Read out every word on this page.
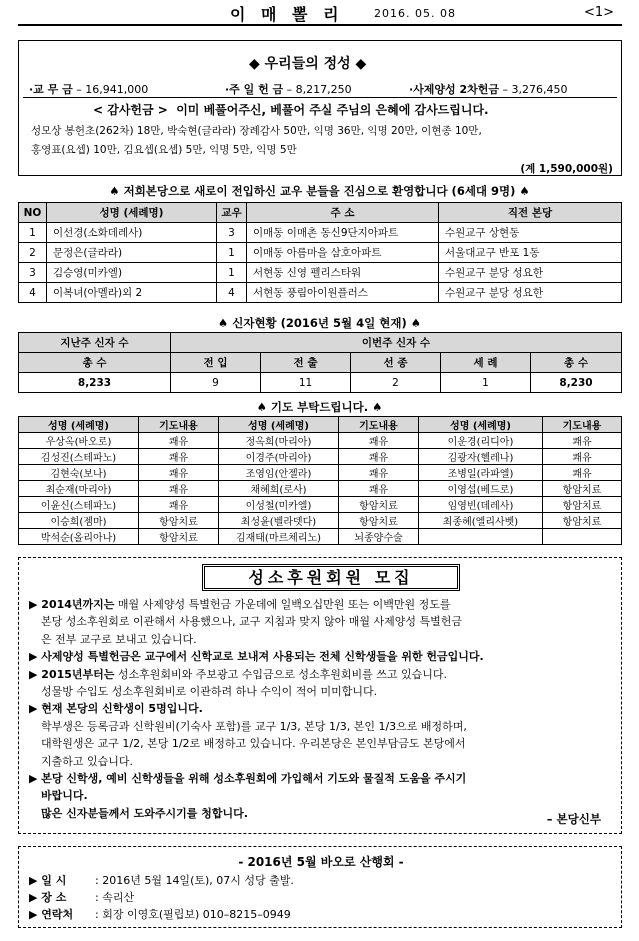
이 매 뽈 리	2016. 05. 08	<1>
◆ 우리들의 정성 ◆
·교 무 금 – 16,941,000	·주 일 헌 금 – 8,217,250	·사제양성 2차헌금 – 3,276,450
< 감사헌금 > 이미 베풀어주신, 베풀어 주실 주님의 은혜에 감사드립니다.
성모상 봉헌초(262차) 18만, 박숙현(글라라) 장례감사 50만, 익명 36만, 익명 20만, 이현종 10만,
홍영표(요셉) 10만, 김요셉(요셉) 5만, 익명 5만, 익명 5만
(계 1,590,000원)
♠ 저희본당으로 새로이 전입하신 교우 분들을 진심으로 환영합니다 (6세대 9명) ♠
NO	성명 (세례명)	교우	주 소	직전 본당
1	이선경(소화데레사)	3	이매동 이매촌 동신9단지아파트	수원교구 상현동
2	문정은(글라라)	1	이매동 아름마을 삼호아파트	서울대교구 반포 1동
3	김승영(미카엘)	1	서현동 신영 펠리스타워	수원교구 분당 성요한
4	이복녀(아멜라)외 2	4	서현동 풍림아이원플러스	수원교구 분당 성요한
♠ 신자현황 (2016년 5월 4일 현재) ♠
지난주 신자 수	이번주 신자 수				
총 수	전 입	전 출	선 종	세 례	총 수
8,233	9	11	2	1	8,230
♠ 기도 부탁드립니다. ♠
성명 (세례명)	기도내용	성명 (세례명)	기도내용	성명 (세례명)	기도내용
우상옥(바오로)	쾌유	정옥희(마리아)	쾌유	이운경(리디아)	쾌유
김성진(스테파노)	쾌유	이경주(마리아)	쾌유	김광자(헬레나)	쾌유
김현숙(보나)	쾌유	조영임(안젤라)	쾌유	조병일(라파엘)	쾌유
최순재(마리아)	쾌유	채혜희(로사)	쾌유	이영섭(베드로)	항암치료
이윤신(스테파노)	쾌유	이성철(미카엘)	항암치료	임영빈(데레사)	항암치료
이승희(젬마)	항암치료	최성윤(벨라뎃다)	항암치료	최종혜(엘리사벳)	항암치료
박석순(올리아나)	항암치료	김재태(마르체리노)	뇌종양수술		
성소후원회원 모집
▶ 2014년까지는 매월 사제양성 특별헌금 가운데에 일백오십만원 또는 이백만원 정도를
본당 성소후원회로 이관해서 사용했으나, 교구 지침과 맞지 않아 매월 사제양성 특별헌금
은 전부 교구로 보내고 있습니다.
▶ 사제양성 특별헌금은 교구에서 신학교로 보내져 사용되는 전체 신학생들을 위한 헌금입니다.
▶ 2015년부터는 성소후원회비와 주보광고 수입금으로 성소후원회비를 쓰고 있습니다.
성물방 수입도 성소후원회비로 이관하려 하나 수익이 적어 미미합니다.
▶ 현재 본당의 신학생이 5명입니다.
학부생은 등록금과 신학원비(기숙사 포함)를 교구 1/3, 본당 1/3, 본인 1/3으로 배정하며,
대학원생은 교구 1/2, 본당 1/2로 배정하고 있습니다. 우리본당은 본인부담금도 본당에서
지출하고 있습니다.
▶ 본당 신학생, 예비 신학생들을 위해 성소후원회에 가입해서 기도와 물질적 도움을 주시기
바랍니다.
많은 신자분들께서 도와주시기를 청합니다.	– 본당신부
- 2016년 5월 바오로 산행회 -
▶ 일 시	: 2016년 5월 14일(토), 07시 성당 출발.
▶ 장 소	: 속리산
▶ 연락처 : 회장 이영호(필립보) 010–8215–0949
